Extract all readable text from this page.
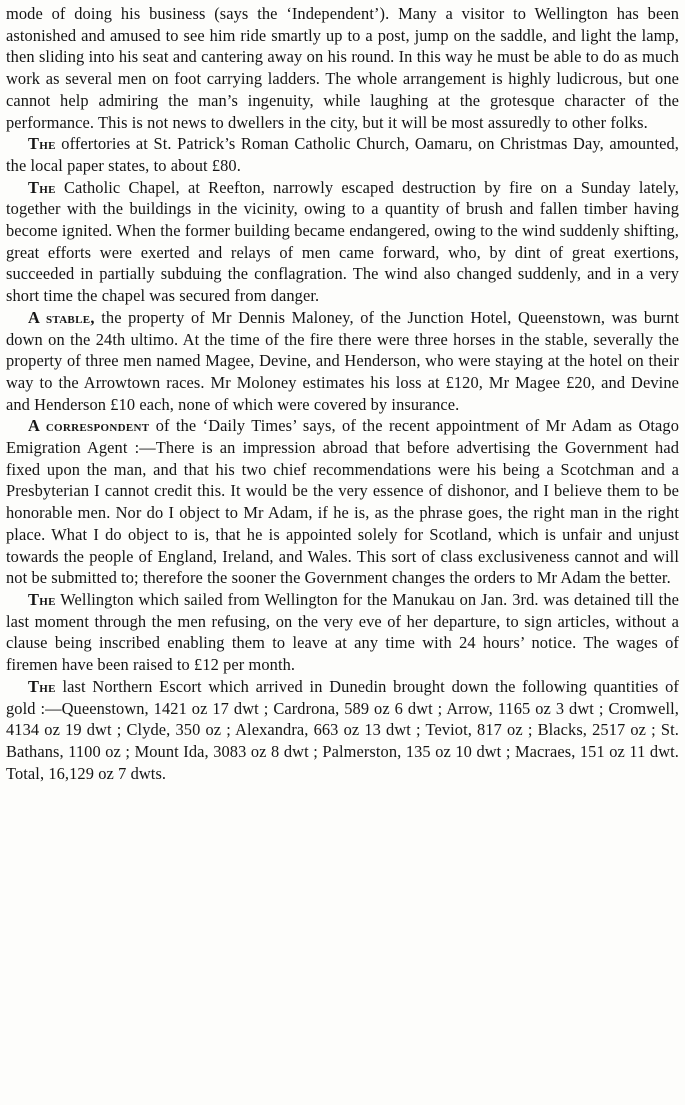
mode of doing his business (says the ‘Independent’). Many a visitor to Wellington has been astonished and amused to see him ride smartly up to a post, jump on the saddle, and light the lamp, then sliding into his seat and cantering away on his round. In this way he must be able to do as much work as several men on foot carrying ladders. The whole arrangement is highly ludicrous, but one cannot help admiring the man’s ingenuity, while laughing at the grotesque character of the performance. This is not news to dwellers in the city, but it will be most assuredly to other folks.

The offertories at St. Patrick’s Roman Catholic Church, Oamaru, on Christmas Day, amounted, the local paper states, to about £80.

The Catholic Chapel, at Reefton, narrowly escaped destruction by fire on a Sunday lately, together with the buildings in the vicinity, owing to a quantity of brush and fallen timber having become ignited. When the former building became endangered, owing to the wind suddenly shifting, great efforts were exerted and relays of men came forward, who, by dint of great exertions, succeeded in partially subduing the conflagration. The wind also changed suddenly, and in a very short time the chapel was secured from danger.

A stable, the property of Mr Dennis Maloney, of the Junction Hotel, Queenstown, was burnt down on the 24th ultimo. At the time of the fire there were three horses in the stable, severally the property of three men named Magee, Devine, and Henderson, who were staying at the hotel on their way to the Arrowtown races. Mr Moloney estimates his loss at £120, Mr Magee £20, and Devine and Henderson £10 each, none of which were covered by insurance.

A correspondent of the ‘Daily Times’ says, of the recent appointment of Mr Adam as Otago Emigration Agent :—There is an impression abroad that before advertising the Government had fixed upon the man, and that his two chief recommendations were his being a Scotchman and a Presbyterian I cannot credit this. It would be the very essence of dishonor, and I believe them to be honorable men. Nor do I object to Mr Adam, if he is, as the phrase goes, the right man in the right place. What I do object to is, that he is appointed solely for Scotland, which is unfair and unjust towards the people of England, Ireland, and Wales. This sort of class exclusiveness cannot and will not be submitted to; therefore the sooner the Government changes the orders to Mr Adam the better.

The Wellington which sailed from Wellington for the Manukau on Jan. 3rd. was detained till the last moment through the men refusing, on the very eve of her departure, to sign articles, without a clause being inscribed enabling them to leave at any time with 24 hours’ notice. The wages of firemen have been raised to £12 per month.

The last Northern Escort which arrived in Dunedin brought down the following quantities of gold :—Queenstown, 1421 oz 17 dwt ; Cardrona, 589 oz 6 dwt ; Arrow, 1165 oz 3 dwt ; Cromwell, 4134 oz 19 dwt ; Clyde, 350 oz ; Alexandra, 663 oz 13 dwt ; Teviot, 817 oz ; Blacks, 2517 oz ; St. Bathans, 1100 oz ; Mount Ida, 3083 oz 8 dwt ; Palmerston, 135 oz 10 dwt ; Macraes, 151 oz 11 dwt. Total, 16,129 oz 7 dwts.
